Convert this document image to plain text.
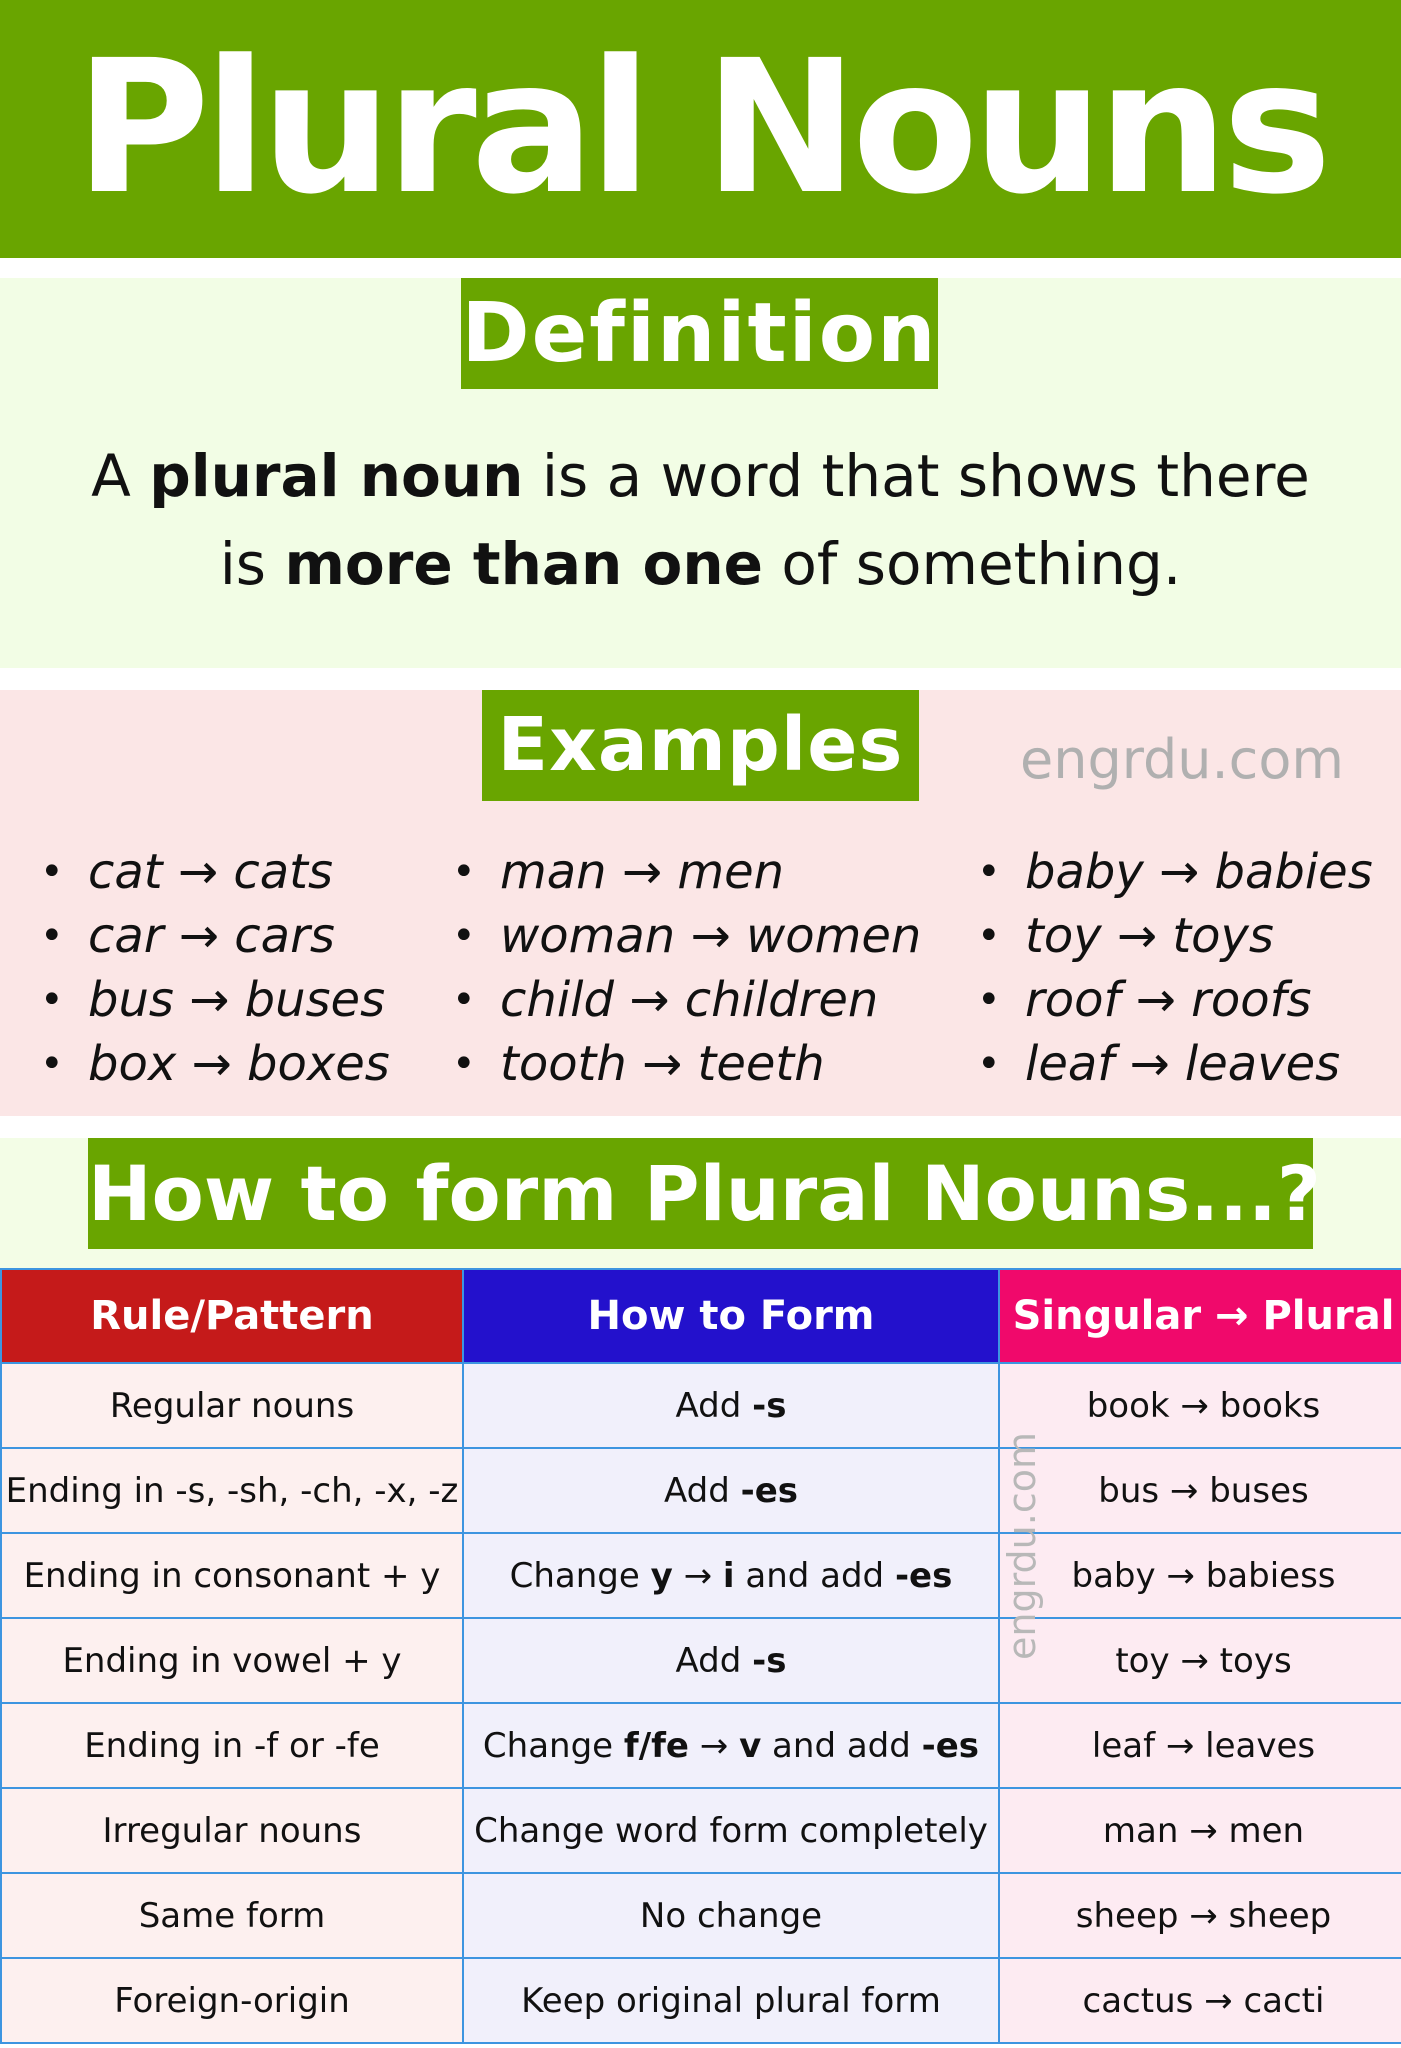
Plural Nouns
Definition
A plural noun is a word that shows there
is more than one of something.
Examples engrdu.com
• cat → cats
• car → cars
• bus → buses
• box → boxes
• man → men
• woman → women
• child → children
• tooth → teeth
• baby → babies
• toy → toys
• roof → roofs
• leaf → leaves
How to form Plural Nouns...?
Rule/Pattern	How to Form	Singular → Plural
Regular nouns	Add -s	book → books
Ending in -s, -sh, -ch, -x, -z	Add -es	bus → buses
Ending in consonant + y	Change y → i and add -es	baby → babiess
Ending in vowel + y	Add -s	toy → toys
Ending in -f or -fe	Change f/fe → v and add -es	leaf → leaves
Irregular nouns	Change word form completely	man → men
Same form	No change	sheep → sheep
Foreign-origin	Keep original plural form	cactus → cacti
engrdu.com
